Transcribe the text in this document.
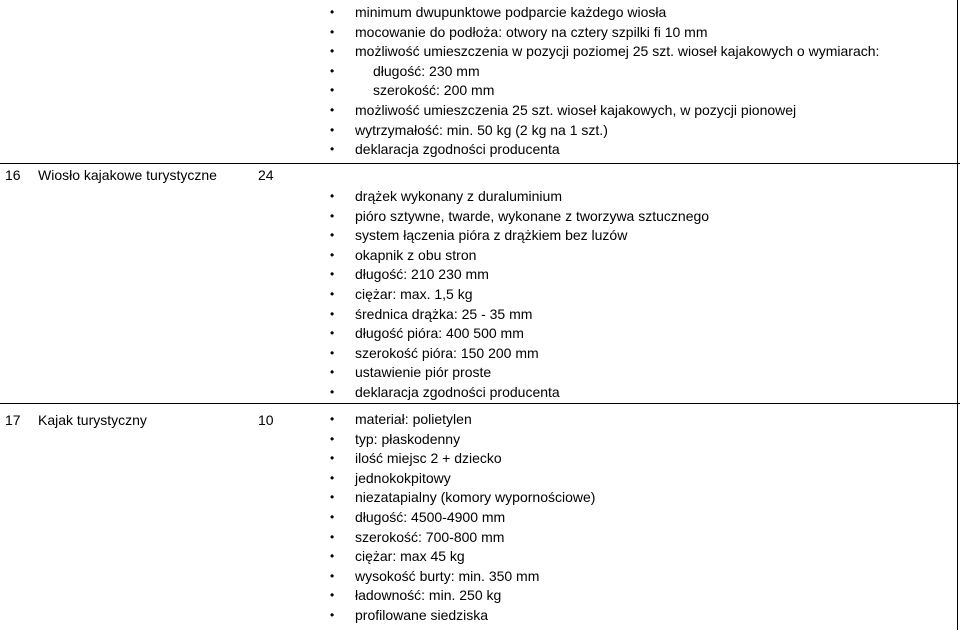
• minimum dwupunktowe podparcie każdego wiosła
• mocowanie do podłoża: otwory na cztery szpilki fi 10 mm
• możliwość umieszczenia w pozycji poziomej 25 szt. wioseł kajakowych o wymiarach:
• długość: 230 mm
• szerokość: 200 mm
• możliwość umieszczenia 25 szt. wioseł kajakowych, w pozycji pionowej
• wytrzymałość: min. 50 kg (2 kg na 1 szt.)
• deklaracja zgodności producenta
16 Wiosło kajakowe turystyczne	24
• drążek wykonany z duraluminium
• pióro sztywne, twarde, wykonane z tworzywa sztucznego
• system łączenia pióra z drążkiem bez luzów
• okapnik z obu stron
• długość: 210 230 mm
• ciężar: max. 1,5 kg
• średnica drążka: 25 - 35 mm
• długość pióra: 400 500 mm
• szerokość pióra: 150 200 mm
• ustawienie piór proste
• deklaracja zgodności producenta
17 Kajak turystyczny	10
•	materiał: polietylen
• typ: płaskodenny
• ilość miejsc 2 + dziecko
• jednokokpitowy
• niezatapialny (komory wypornościowe)
• długość: 4500-4900 mm
• szerokość: 700-800 mm
• ciężar: max 45 kg
• wysokość burty: min. 350 mm
• ładowność: min. 250 kg
• profilowane siedziska
